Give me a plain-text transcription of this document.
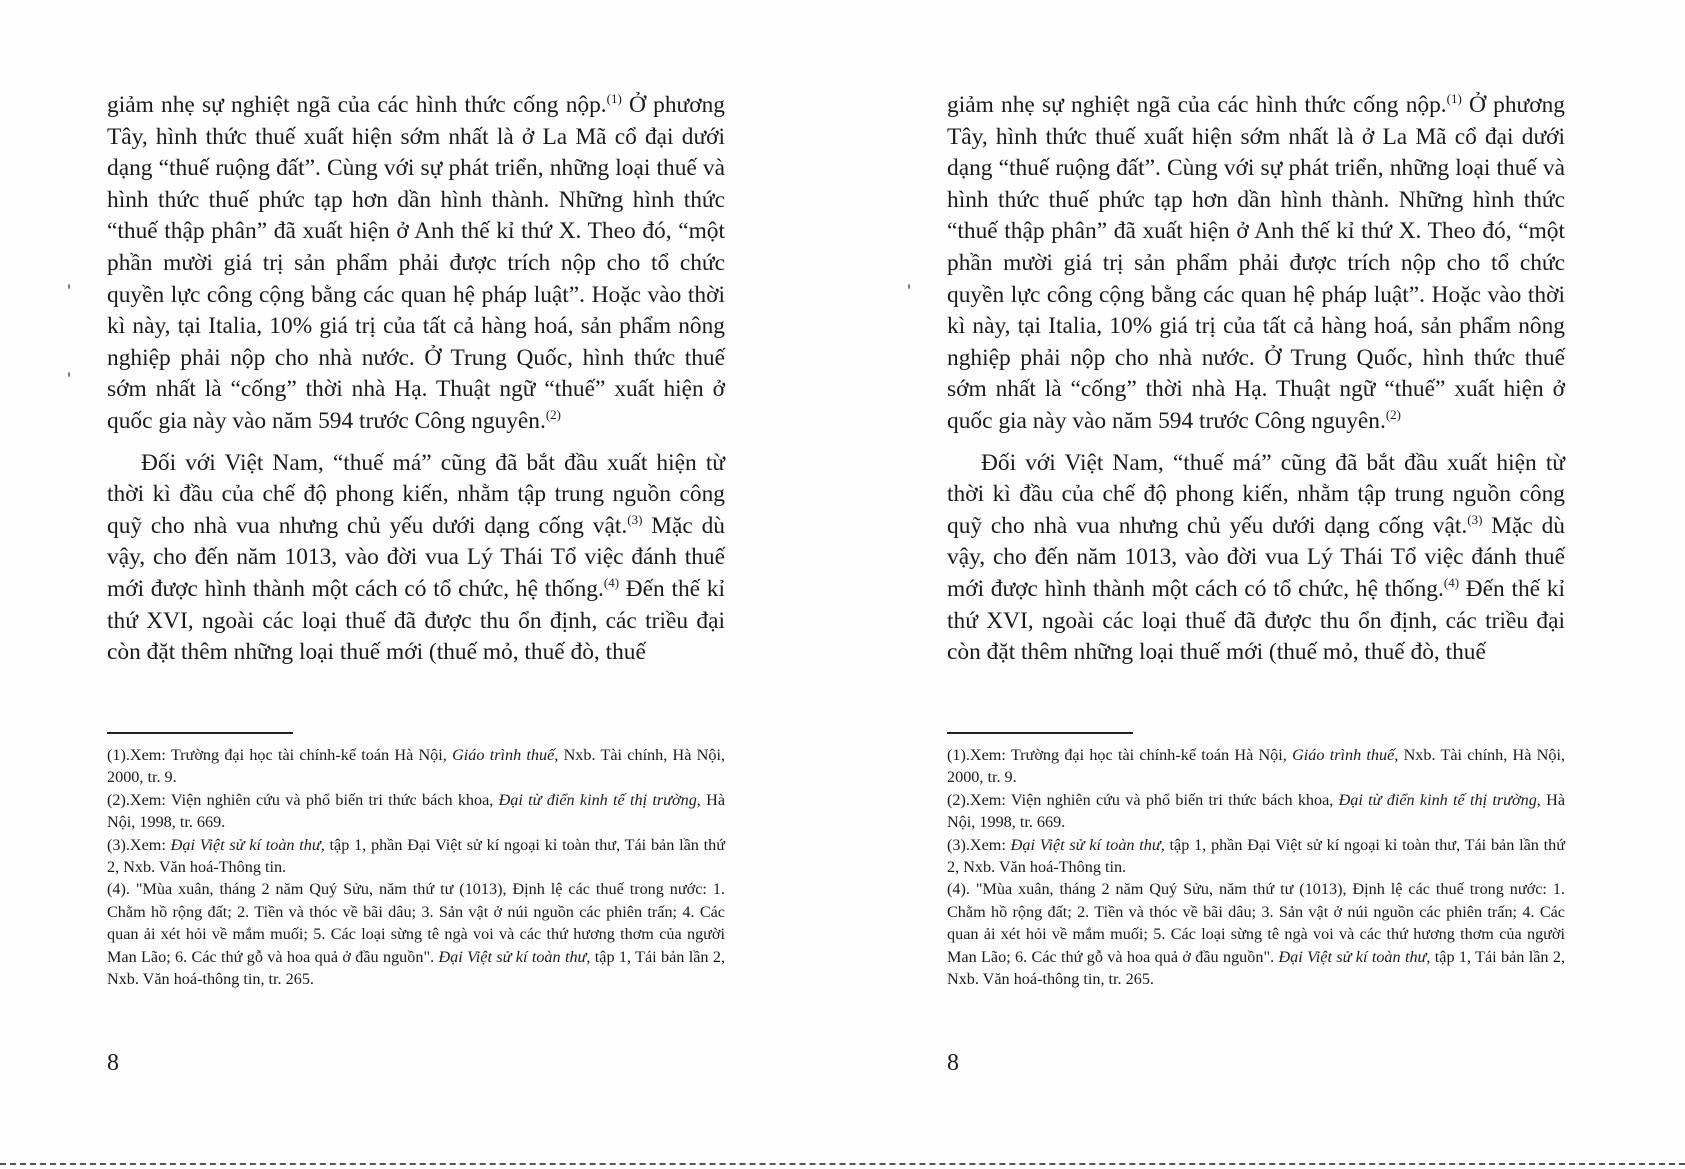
giảm nhẹ sự nghiệt ngã của các hình thức cống nộp.$^{(1)}$ Ở phương Tây, hình thức thuế xuất hiện sớm nhất là ở La Mã cổ đại dưới dạng “thuế ruộng đất”. Cùng với sự phát triển, những loại thuế và hình thức thuế phức tạp hơn dần hình thành. Những hình thức “thuế thập phân” đã xuất hiện ở Anh thế kỉ thứ X. Theo đó, “một phần mười giá trị sản phẩm phải được trích nộp cho tổ chức quyền lực công cộng bằng các quan hệ pháp luật”. Hoặc vào thời kì này, tại Italia, 10% giá trị của tất cả hàng hoá, sản phẩm nông nghiệp phải nộp cho nhà nước. Ở Trung Quốc, hình thức thuế sớm nhất là “cống” thời nhà Hạ. Thuật ngữ “thuế” xuất hiện ở quốc gia này vào năm 594 trước Công nguyên.$^{(2)}$

Đối với Việt Nam, “thuế má” cũng đã bắt đầu xuất hiện từ thời kì đầu của chế độ phong kiến, nhằm tập trung nguồn công quỹ cho nhà vua nhưng chủ yếu dưới dạng cống vật.$^{(3)}$ Mặc dù vậy, cho đến năm 1013, vào đời vua Lý Thái Tổ việc đánh thuế mới được hình thành một cách có tổ chức, hệ thống.$^{(4)}$ Đến thế kỉ thứ XVI, ngoài các loại thuế đã được thu ổn định, các triều đại còn đặt thêm những loại thuế mới (thuế mỏ, thuế đò, thuế

(1).Xem: Trường đại học tài chính-kế toán Hà Nội, Giáo trình thuế, Nxb. Tài chính, Hà Nội, 2000, tr. 9.

(2).Xem: Viện nghiên cứu và phổ biến tri thức bách khoa, Đại từ điển kinh tế thị trường, Hà Nội, 1998, tr. 669.

(3).Xem: Đại Việt sử kí toàn thư, tập 1, phần Đại Việt sử kí ngoại kỉ toàn thư, Tái bản lần thứ 2, Nxb. Văn hoá-Thông tin.

(4). "Mùa xuân, tháng 2 năm Quý Sửu, năm thứ tư (1013), Định lệ các thuế trong nước: 1. Chằm hồ rộng đất; 2. Tiền và thóc về bãi dâu; 3. Sản vật ở núi nguồn các phiên trấn; 4. Các quan ải xét hỏi về mắm muối; 5. Các loại sừng tê ngà voi và các thứ hương thơm của người Man Lão; 6. Các thứ gỗ và hoa quả ở đầu nguồn". Đại Việt sử kí toàn thư, tập 1, Tái bản lần 2, Nxb. Văn hoá-thông tin, tr. 265.

8

giảm nhẹ sự nghiệt ngã của các hình thức cống nộp.$^{(1)}$ Ở phương Tây, hình thức thuế xuất hiện sớm nhất là ở La Mã cổ đại dưới dạng “thuế ruộng đất”. Cùng với sự phát triển, những loại thuế và hình thức thuế phức tạp hơn dần hình thành. Những hình thức “thuế thập phân” đã xuất hiện ở Anh thế kỉ thứ X. Theo đó, “một phần mười giá trị sản phẩm phải được trích nộp cho tổ chức quyền lực công cộng bằng các quan hệ pháp luật”. Hoặc vào thời kì này, tại Italia, 10% giá trị của tất cả hàng hoá, sản phẩm nông nghiệp phải nộp cho nhà nước. Ở Trung Quốc, hình thức thuế sớm nhất là “cống” thời nhà Hạ. Thuật ngữ “thuế” xuất hiện ở quốc gia này vào năm 594 trước Công nguyên.$^{(2)}$

Đối với Việt Nam, “thuế má” cũng đã bắt đầu xuất hiện từ thời kì đầu của chế độ phong kiến, nhằm tập trung nguồn công quỹ cho nhà vua nhưng chủ yếu dưới dạng cống vật.$^{(3)}$ Mặc dù vậy, cho đến năm 1013, vào đời vua Lý Thái Tổ việc đánh thuế mới được hình thành một cách có tổ chức, hệ thống.$^{(4)}$ Đến thế kỉ thứ XVI, ngoài các loại thuế đã được thu ổn định, các triều đại còn đặt thêm những loại thuế mới (thuế mỏ, thuế đò, thuế

(1).Xem: Trường đại học tài chính-kế toán Hà Nội, Giáo trình thuế, Nxb. Tài chính, Hà Nội, 2000, tr. 9.

(2).Xem: Viện nghiên cứu và phổ biến tri thức bách khoa, Đại từ điển kinh tế thị trường, Hà Nội, 1998, tr. 669.

(3).Xem: Đại Việt sử kí toàn thư, tập 1, phần Đại Việt sử kí ngoại kỉ toàn thư, Tái bản lần thứ 2, Nxb. Văn hoá-Thông tin.

(4). "Mùa xuân, tháng 2 năm Quý Sửu, năm thứ tư (1013), Định lệ các thuế trong nước: 1. Chằm hồ rộng đất; 2. Tiền và thóc về bãi dâu; 3. Sản vật ở núi nguồn các phiên trấn; 4. Các quan ải xét hỏi về mắm muối; 5. Các loại sừng tê ngà voi và các thứ hương thơm của người Man Lão; 6. Các thứ gỗ và hoa quả ở đầu nguồn". Đại Việt sử kí toàn thư, tập 1, Tái bản lần 2, Nxb. Văn hoá-thông tin, tr. 265.

8
